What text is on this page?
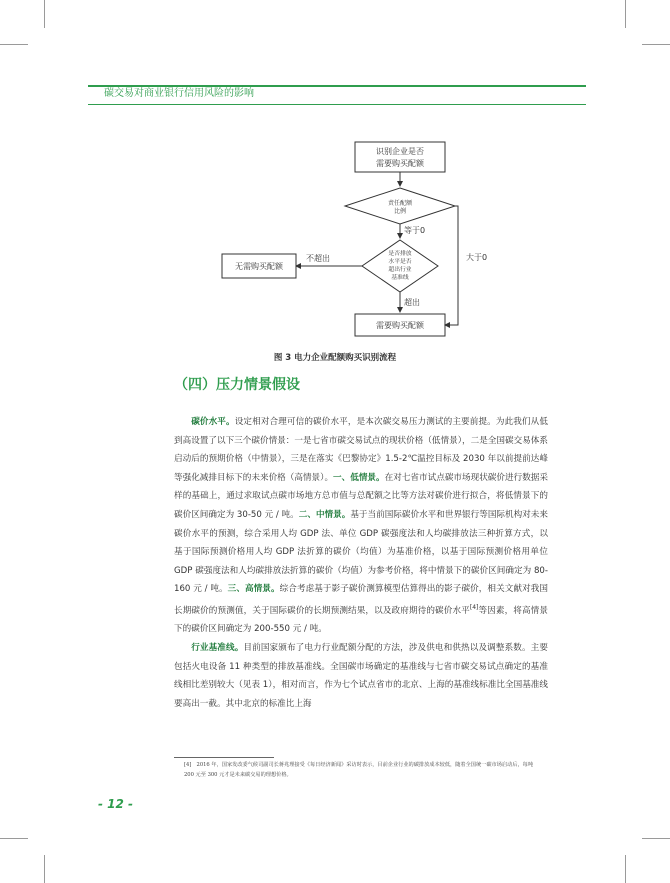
碳交易对商业银行信用风险的影响
识别企业是否
需要购买配额
责任配额
比例
等于0
是否排放
水平是否
超出行业
基准线
不超出
无需购买配额
超出
需要购买配额
大于0
图 3 电力企业配额购买识别流程
（四）压力情景假设

碳价水平。设定相对合理可信的碳价水平，是本次碳交易压力测试的主要前提。为此我们从低到高设置了以下三个碳价情景：一是七省市碳交易试点的现状价格（低情景），二是全国碳交易体系启动后的预期价格（中情景），三是在落实《巴黎协定》1.5-2℃温控目标及 2030 年以前提前达峰等强化减排目标下的未来价格（高情景）。一、低情景。在对七省市试点碳市场现状碳价进行数据采样的基础上，通过求取试点碳市场地方总市值与总配额之比等方法对碳价进行拟合，将低情景下的碳价区间确定为 30-50 元 / 吨。二、中情景。基于当前国际碳价水平和世界银行等国际机构对未来碳价水平的预测，综合采用人均 GDP 法、单位 GDP 碳强度法和人均碳排放法三种折算方式，以基于国际预测价格用人均 GDP 法折算的碳价（均值）为基准价格，以基于国际预测价格用单位 GDP 碳强度法和人均碳排放法折算的碳价（均值）为参考价格，将中情景下的碳价区间确定为 80-160 元 / 吨。三、高情景。综合考虑基于影子碳价测算模型估算得出的影子碳价，相关文献对我国长期碳价的预测值，关于国际碳价的长期预测结果，以及政府期待的碳价水平[4]等因素，将高情景下的碳价区间确定为 200-550 元 / 吨。

行业基准线。目前国家颁布了电力行业配额分配的方法，涉及供电和供热以及调整系数。主要包括火电设备 11 种类型的排放基准线。全国碳市场确定的基准线与七省市碳交易试点确定的基准线相比差别较大（见表 1），相对而言，作为七个试点省市的北京、上海的基准线标准比全国基准线要高出一截。其中北京的标准比上海

[4]　2016 年，国家发改委气候司副司长蒋兆理接受《每日经济新闻》采访时表示，目前企业行业的碳排放成本较低，随着全国统一碳市场启动后，每吨 200 元至 300 元才是未来碳交易的理想价格。
- 12 -
